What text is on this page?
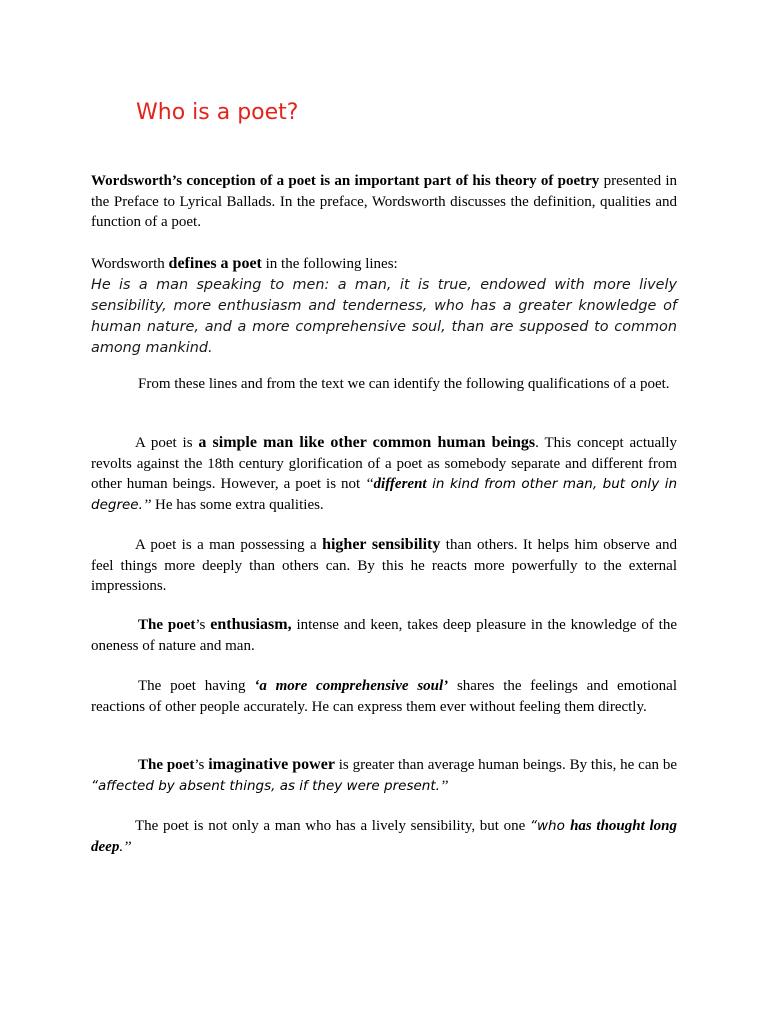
Who is a poet?

Wordsworth’s conception of a poet is an important part of his theory of poetry presented in the Preface to Lyrical Ballads. In the preface, Wordsworth discusses the definition, qualities and function of a poet.

Wordsworth defines a poet in the following lines:
He is a man speaking to men: a man, it is true, endowed with more lively sensibility, more enthusiasm and tenderness, who has a greater knowledge of human nature, and a more comprehensive soul, than are supposed to common among mankind.

From these lines and from the text we can identify the following qualifications of a poet.

A poet is a simple man like other common human beings. This concept actually revolts against the 18th century glorification of a poet as somebody separate and different from other human beings. However, a poet is not ‘‘different in kind from other man, but only in degree.’’ He has some extra qualities.

A poet is a man possessing a higher sensibility than others. It helps him observe and feel things more deeply than others can. By this he reacts more powerfully to the external impressions.

The poet’s enthusiasm, intense and keen, takes deep pleasure in the knowledge of the oneness of nature and man.

The poet having ‘a more comprehensive soul’ shares the feelings and emotional reactions of other people accurately. He can express them ever without feeling them directly.

The poet’s imaginative power is greater than average human beings. By this, he can be “affected by absent things, as if they were present.’’

The poet is not only a man who has a lively sensibility, but one “who has thought long deep.’’
